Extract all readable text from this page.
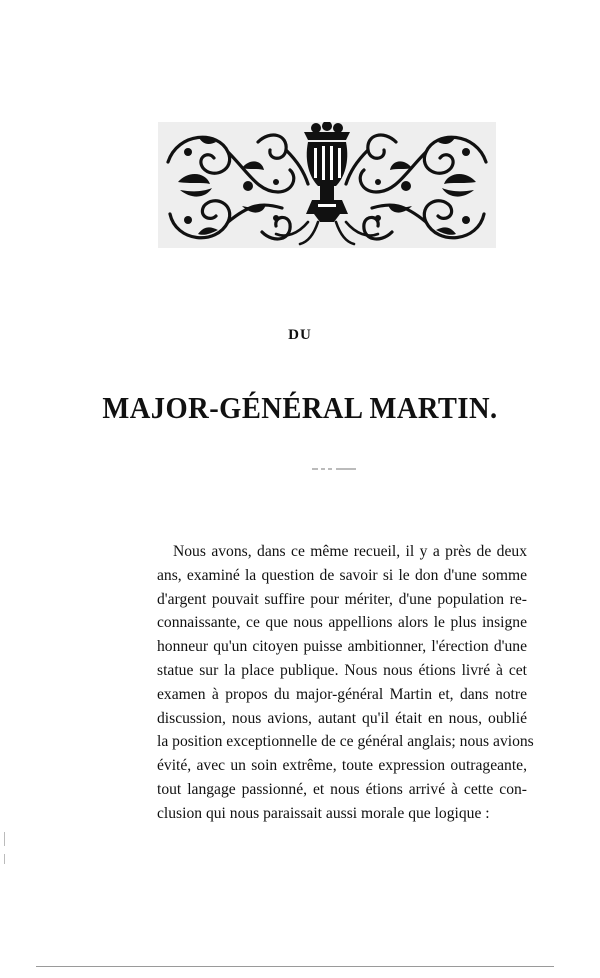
DU
MAJOR-GÉNÉRAL MARTIN.
Nous avons, dans ce même recueil, il y a près de deux
ans, examiné la question de savoir si le don d'une somme
d'argent pouvait suffire pour mériter, d'une population re-
connaissante, ce que nous appellions alors le plus insigne
honneur qu'un citoyen puisse ambitionner, l'érection d'une
statue sur la place publique. Nous nous étions livré à cet
examen à propos du major-général Martin et, dans notre
discussion, nous avions, autant qu'il était en nous, oublié
la position exceptionnelle de ce général anglais; nous avions
évité, avec un soin extrême, toute expression outrageante,
tout langage passionné, et nous étions arrivé à cette con-
clusion qui nous paraissait aussi morale que logique :
